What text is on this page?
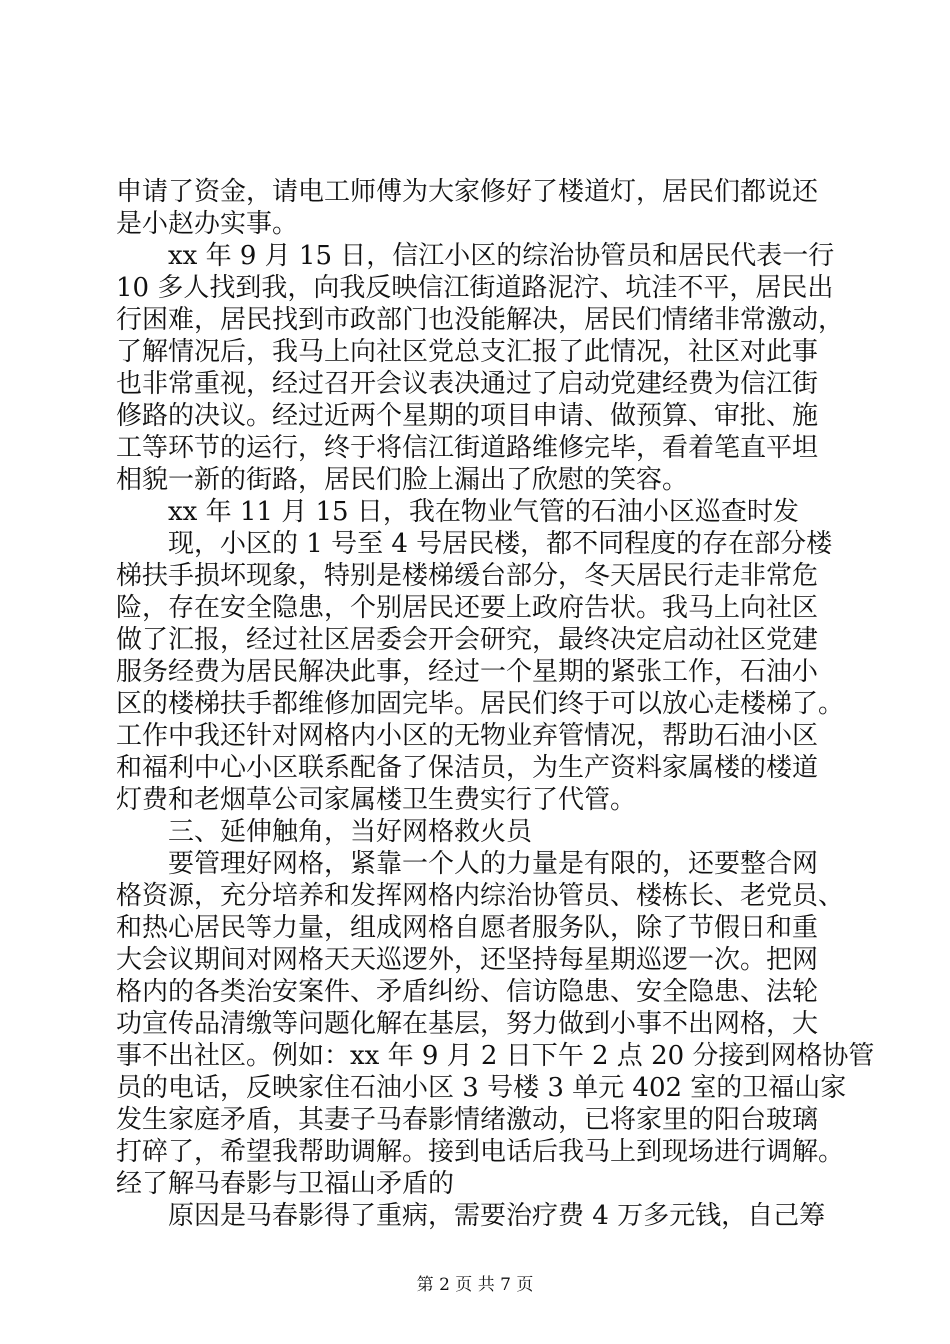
申请了资金，请电工师傅为大家修好了楼道灯，居民们都说还
是小赵办实事。
　　xx 年 9 月 15 日，信江小区的综治协管员和居民代表一行
10 多人找到我，向我反映信江街道路泥泞、坑洼不平，居民出
行困难，居民找到市政部门也没能解决，居民们情绪非常激动，
了解情况后，我马上向社区党总支汇报了此情况，社区对此事
也非常重视，经过召开会议表决通过了启动党建经费为信江街
修路的决议。经过近两个星期的项目申请、做预算、审批、施
工等环节的运行，终于将信江街道路维修完毕，看着笔直平坦
相貌一新的街路，居民们脸上漏出了欣慰的笑容。
　　xx 年 11 月 15 日，我在物业气管的石油小区巡查时发
　　现，小区的 1 号至 4 号居民楼，都不同程度的存在部分楼
梯扶手损坏现象，特别是楼梯缓台部分，冬天居民行走非常危
险，存在安全隐患，个别居民还要上政府告状。我马上向社区
做了汇报，经过社区居委会开会研究，最终决定启动社区党建
服务经费为居民解决此事，经过一个星期的紧张工作，石油小
区的楼梯扶手都维修加固完毕。居民们终于可以放心走楼梯了。
工作中我还针对网格内小区的无物业弃管情况，帮助石油小区
和福利中心小区联系配备了保洁员，为生产资料家属楼的楼道
灯费和老烟草公司家属楼卫生费实行了代管。
　　三、延伸触角，当好网格救火员
　　要管理好网格，紧靠一个人的力量是有限的，还要整合网
格资源，充分培养和发挥网格内综治协管员、楼栋长、老党员、
和热心居民等力量，组成网格自愿者服务队，除了节假日和重
大会议期间对网格天天巡逻外，还坚持每星期巡逻一次。把网
格内的各类治安案件、矛盾纠纷、信访隐患、安全隐患、法轮
功宣传品清缴等问题化解在基层，努力做到小事不出网格，大
事不出社区。例如：xx 年 9 月 2 日下午 2 点 20 分接到网格协管
员的电话，反映家住石油小区 3 号楼 3 单元 402 室的卫福山家
发生家庭矛盾，其妻子马春影情绪激动，已将家里的阳台玻璃
打碎了，希望我帮助调解。接到电话后我马上到现场进行调解。
经了解马春影与卫福山矛盾的
　　原因是马春影得了重病，需要治疗费 4 万多元钱，自己筹
第 2 页 共 7 页
